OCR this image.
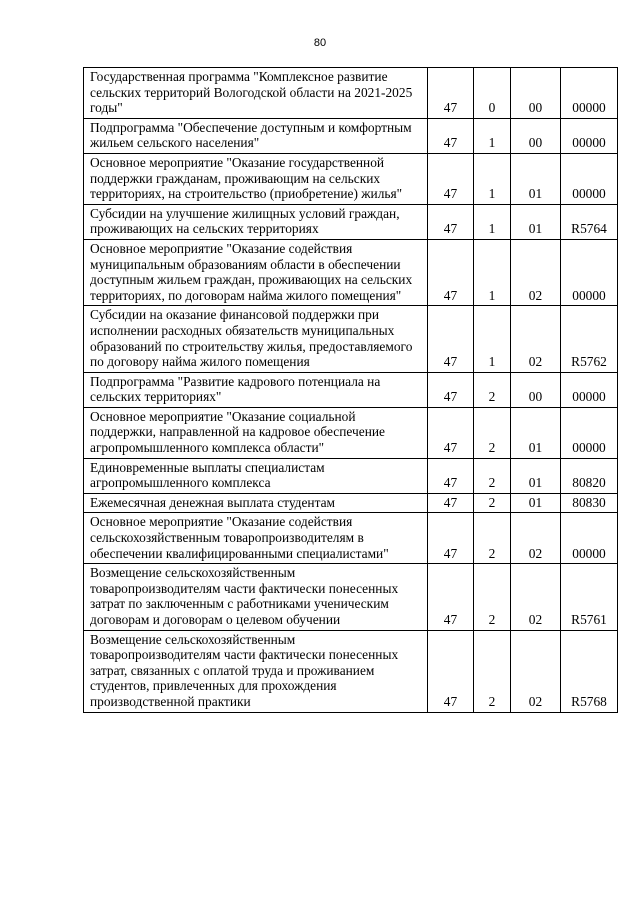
80
Государственная программа "Комплексное развитие сельских территорий Вологодской области на 2021-2025 годы"	47	0	00	00000
Подпрограмма "Обеспечение доступным и комфортным жильем сельского населения"	47	1	00	00000
Основное мероприятие "Оказание государственной поддержки гражданам, проживающим на сельских территориях, на строительство (приобретение) жилья"	47	1	01	00000
Субсидии на улучшение жилищных условий граждан, проживающих на сельских территориях	47	1	01	R5764
Основное мероприятие "Оказание содействия муниципальным образованиям области в обеспечении доступным жильем граждан, проживающих на сельских территориях, по договорам найма жилого помещения"	47	1	02	00000
Субсидии на оказание финансовой поддержки при исполнении расходных обязательств муниципальных образований по строительству жилья, предоставляемого по договору найма жилого помещения	47	1	02	R5762
Подпрограмма "Развитие кадрового потенциала на сельских территориях"	47	2	00	00000
Основное мероприятие "Оказание социальной поддержки, направленной на кадровое обеспечение агропромышленного комплекса области"	47	2	01	00000
Единовременные выплаты специалистам агропромышленного комплекса	47	2	01	80820
Ежемесячная денежная выплата студентам	47	2	01	80830
Основное мероприятие "Оказание содействия сельскохозяйственным товаропроизводителям в обеспечении квалифицированными специалистами"	47	2	02	00000
Возмещение сельскохозяйственным товаропроизводителям части фактически понесенных затрат по заключенным с работниками ученическим договорам и договорам о целевом обучении	47	2	02	R5761
Возмещение сельскохозяйственным товаропроизводителям части фактически понесенных затрат, связанных с оплатой труда и проживанием студентов, привлеченных для прохождения производственной практики	47	2	02	R5768
